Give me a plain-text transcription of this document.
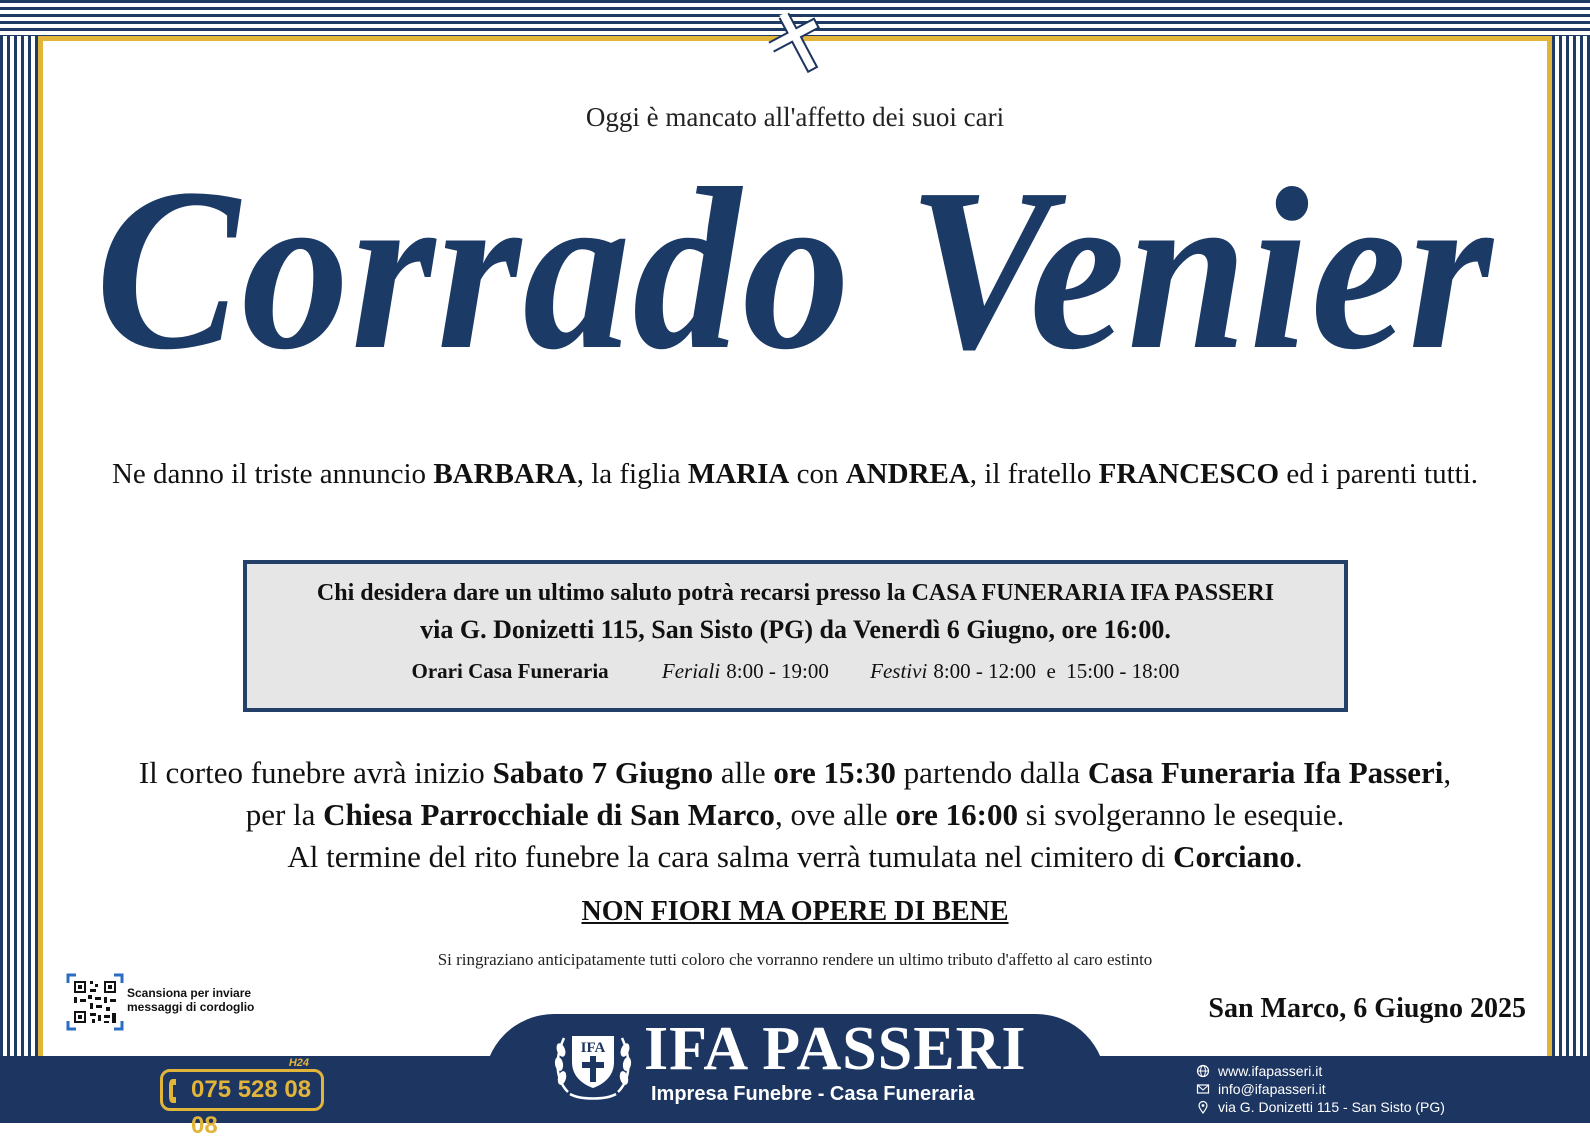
Oggi è mancato all'affetto dei suoi cari
Corrado Venier
Ne danno il triste annuncio BARBARA, la figlia MARIA con ANDREA, il fratello FRANCESCO ed i parenti tutti.
Chi desidera dare un ultimo saluto potrà recarsi presso la CASA FUNERARIA IFA PASSERI
via G. Donizetti 115, San Sisto (PG) da Venerdì 6 Giugno, ore 16:00.
Orari Casa Funeraria	Feriali 8:00 - 19:00 Festivi 8:00 - 12:00  e  15:00 - 18:00
Il corteo funebre avrà inizio Sabato 7 Giugno alle ore 15:30 partendo dalla Casa Funeraria Ifa Passeri,
per la Chiesa Parrocchiale di San Marco, ove alle ore 16:00 si svolgeranno le esequie.
Al termine del rito funebre la cara salma verrà tumulata nel cimitero di Corciano.
NON FIORI MA OPERE DI BENE
Si ringraziano anticipatamente tutti coloro che vorranno rendere un ultimo tributo d'affetto al caro estinto
San Marco, 6 Giugno 2025
Scansiona per inviare
messaggi di cordoglio
075 528 08 08
H24
IFA IFA PASSERI
Impresa Funebre - Casa Funeraria
www.ifapasseri.it
info@ifapasseri.it
via G. Donizetti 115 - San Sisto (PG)
